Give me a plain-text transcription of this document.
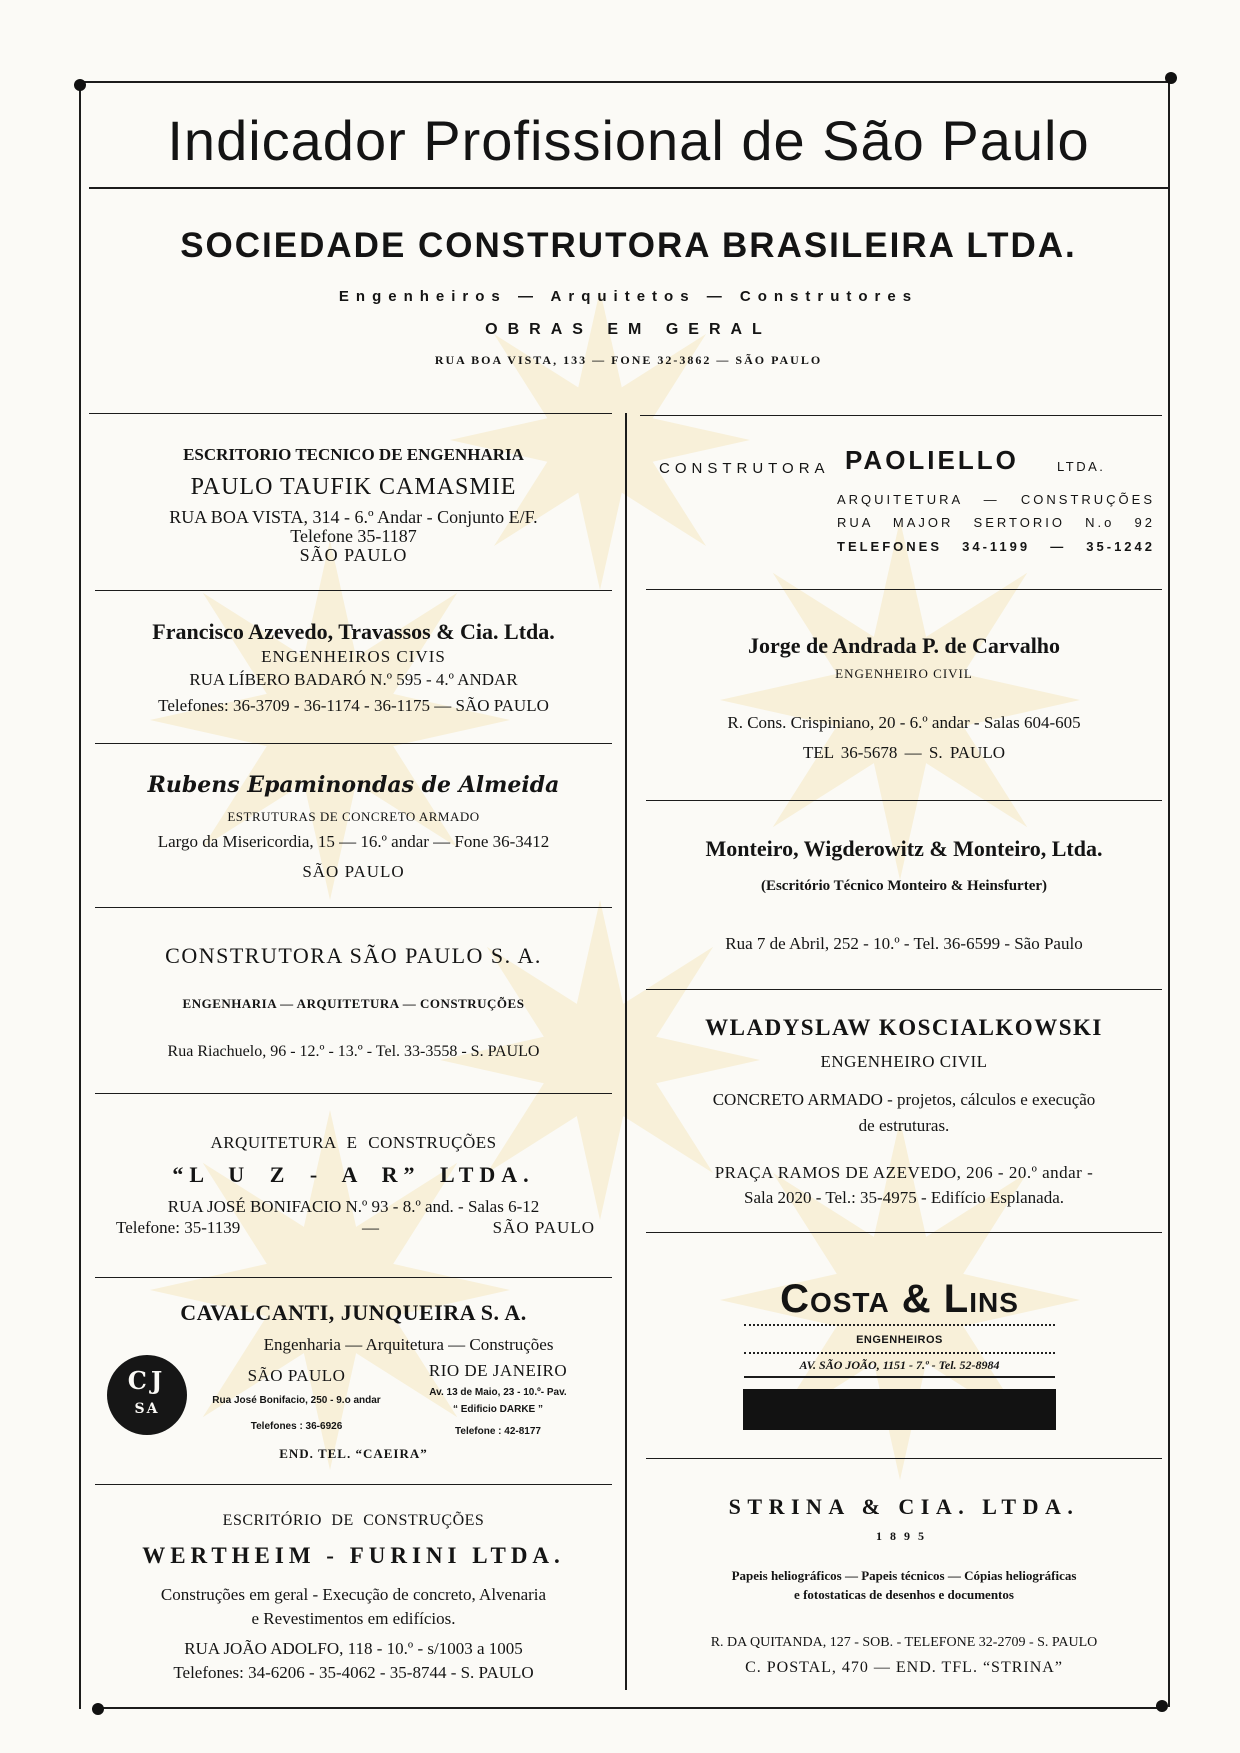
Indicador Profissional de São Paulo
SOCIEDADE CONSTRUTORA BRASILEIRA LTDA.
Engenheiros — Arquitetos — Construtores
OBRAS EM GERAL
RUA BOA VISTA, 133 — FONE 32-3862 — SÃO PAULO
ESCRITORIO TECNICO DE ENGENHARIA
PAULO TAUFIK CAMASMIE
RUA BOA VISTA, 314 - 6.º Andar - Conjunto E/F.
Telefone 35-1187
SÃO PAULO
Francisco Azevedo, Travassos & Cia. Ltda.
ENGENHEIROS CIVIS
RUA LÍBERO BADARÓ N.º 595 - 4.º ANDAR
Telefones: 36-3709 - 36-1174 - 36-1175 — SÃO PAULO
Rubens Epaminondas de Almeida
ESTRUTURAS DE CONCRETO ARMADO
Largo da Misericordia, 15 — 16.º andar — Fone 36-3412
SÃO PAULO
CONSTRUTORA SÃO PAULO S. A.
ENGENHARIA — ARQUITETURA — CONSTRUÇÕES
Rua Riachuelo, 96 - 12.º - 13.º - Tel. 33-3558 - S. PAULO
ARQUITETURA E CONSTRUÇÕES
“L U Z - A R” LTDA.
RUA JOSÉ BONIFACIO N.º 93 - 8.º and. - Salas 6-12
Telefone: 35-1139	—	SÃO PAULO
CAVALCANTI, JUNQUEIRA S. A.
Engenharia — Arquitetura — Construções
CJ
SA
SÃO PAULO
Rua José Bonifacio, 250 - 9.o andar
Telefones : 36-6926
RIO DE JANEIRO
Av. 13 de Maio, 23 - 10.º- Pav.
“ Edificio DARKE ”
Telefone : 42-8177
END. TEL. “CAEIRA”
ESCRITÓRIO DE CONSTRUÇÕES
WERTHEIM - FURINI LTDA.
Construções em geral - Execução de concreto, Alvenaria
e Revestimentos em edifícios.
RUA JOÃO ADOLFO, 118 - 10.º - s/1003 a 1005
Telefones: 34-6206 - 35-4062 - 35-8744 - S. PAULO
CONSTRUTORA PAOLIELLO	LTDA.
ARQUITETURA — CONSTRUÇÕES
RUA MAJOR SERTORIO N.o 92
TELEFONES 34-1199 — 35-1242
Jorge de Andrada P. de Carvalho
ENGENHEIRO CIVIL
R. Cons. Crispiniano, 20 - 6.º andar - Salas 604-605
TEL 36-5678 — S. PAULO
Monteiro, Wigderowitz & Monteiro, Ltda.
(Escritório Técnico Monteiro & Heinsfurter)
Rua 7 de Abril, 252 - 10.º - Tel. 36-6599 - São Paulo
WLADYSLAW KOSCIALKOWSKI
ENGENHEIRO CIVIL
CONCRETO ARMADO - projetos, cálculos e execução
de estruturas.
PRAÇA RAMOS DE AZEVEDO, 206 - 20.º andar -
Sala 2020 - Tel.: 35-4975 - Edifício Esplanada.
Costa & Lins
ENGENHEIROS
AV. SÃO JOÃO, 1151 - 7.º - Tel. 52-8984
STRINA & CIA. LTDA.
1895
Papeis heliográficos — Papeis técnicos — Cópias heliográficas
e fotostaticas de desenhos e documentos
R. DA QUITANDA, 127 - SOB. - TELEFONE 32-2709 - S. PAULO
C. POSTAL, 470 — END. TFL. “STRINA”
